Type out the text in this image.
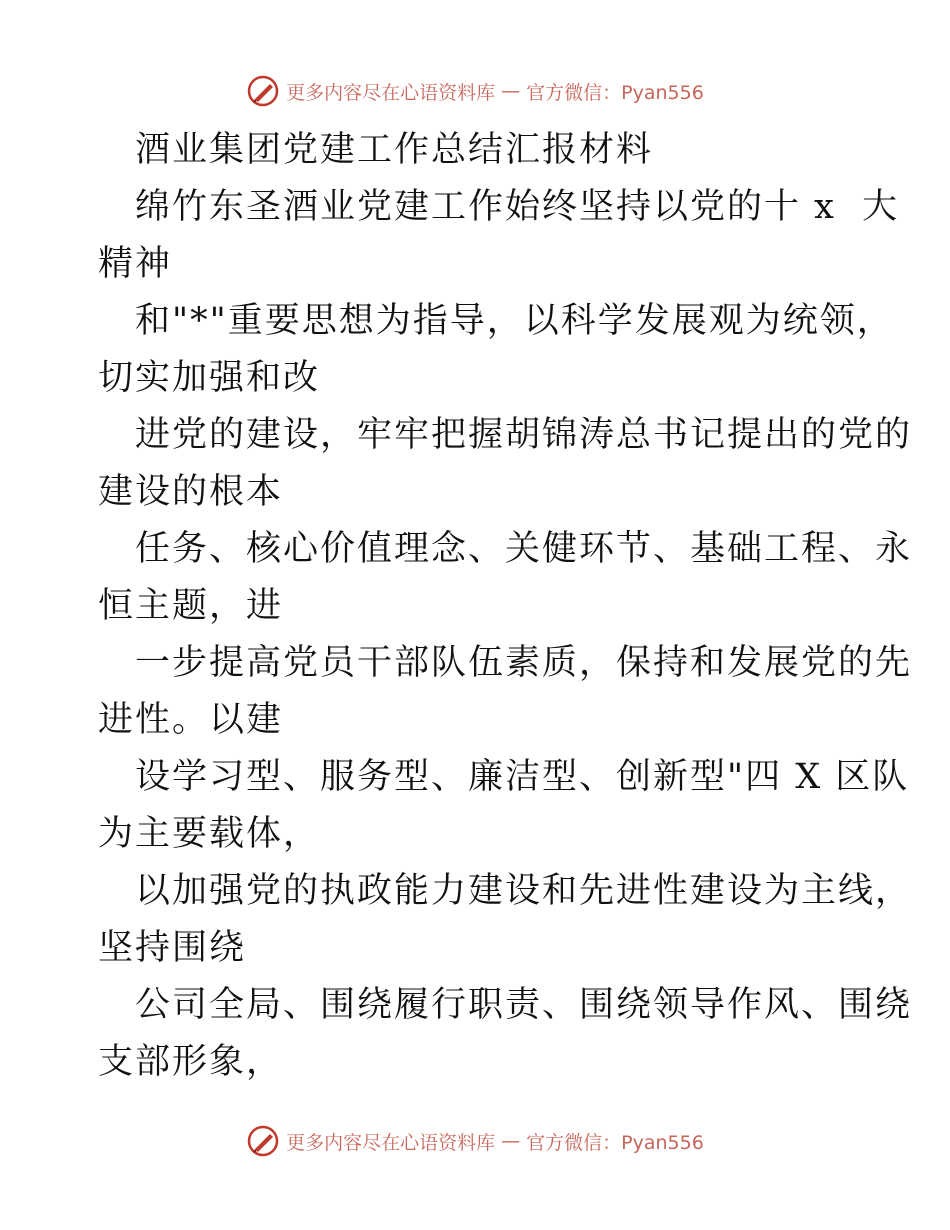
更多内容尽在心语资料库 — 官方微信：Pyan556
酒业集团党建工作总结汇报材料
绵竹东圣酒业党建工作始终坚持以党的十 x  大
精神
和"*"重要思想为指导，以科学发展观为统领，
切实加强和改
进党的建设，牢牢把握胡锦涛总书记提出的党的
建设的根本
任务、核心价值理念、关健环节、基础工程、永
恒主题，进
一步提高党员干部队伍素质，保持和发展党的先
进性。以建
设学习型、服务型、廉洁型、创新型"四 X 区队
为主要载体，
以加强党的执政能力建设和先进性建设为主线，
坚持围绕
公司全局、围绕履行职责、围绕领导作风、围绕
支部形象，
更多内容尽在心语资料库 — 官方微信：Pyan556
